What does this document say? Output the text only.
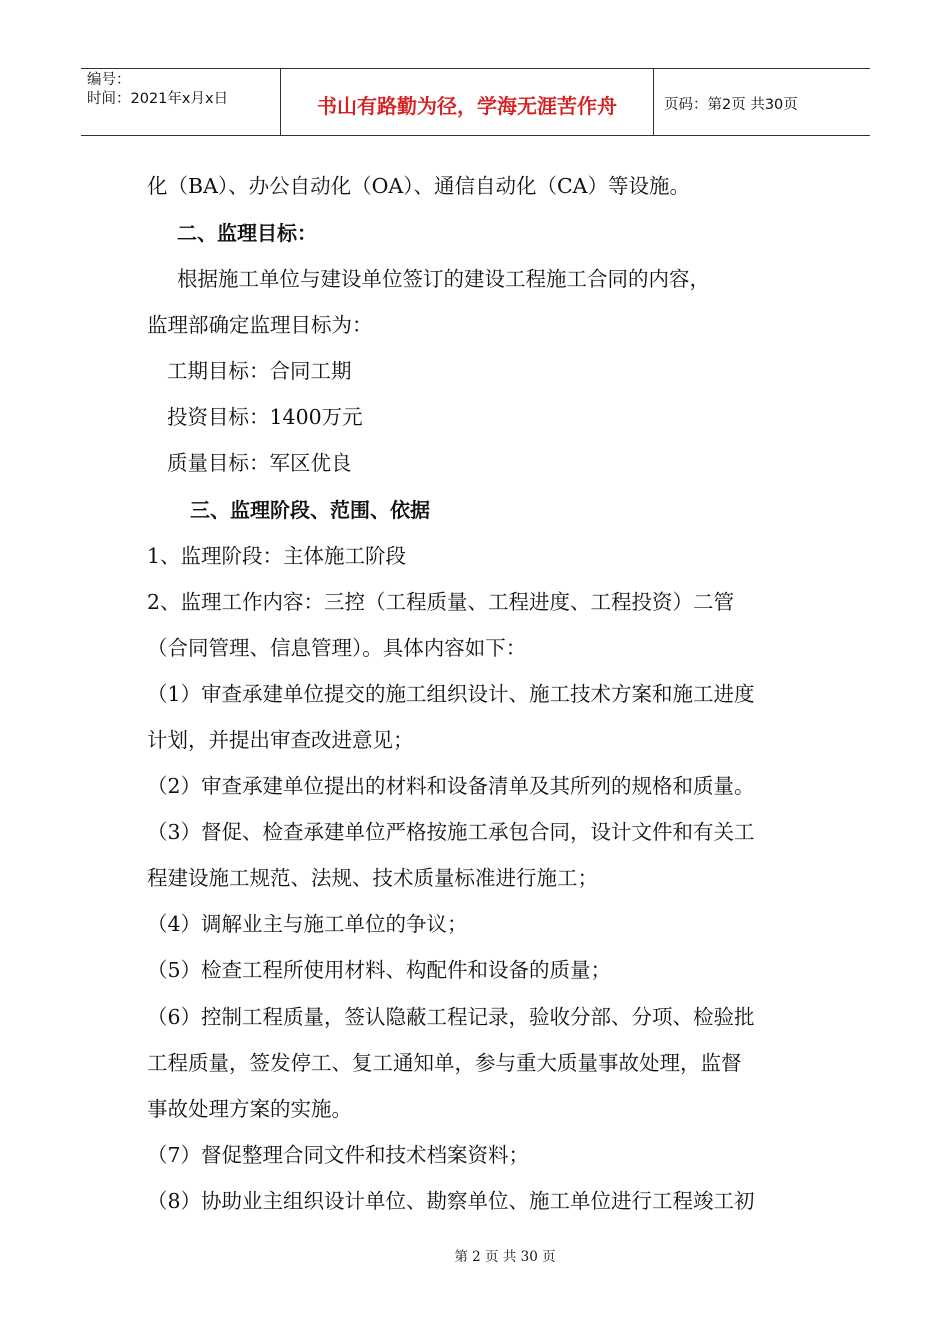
编号：
时间：2021年x月x日	书山有路勤为径，学海无涯苦作舟	页码：第2页 共30页
化（BA）、办公自动化（OA）、通信自动化（CA）等设施。
二、监理目标：
根据施工单位与建设单位签订的建设工程施工合同的内容，
监理部确定监理目标为：
工期目标：合同工期
投资目标：1400万元
质量目标：军区优良
三、监理阶段、范围、依据
1、监理阶段：主体施工阶段
2、监理工作内容：三控（工程质量、工程进度、工程投资）二管
（合同管理、信息管理）。具体内容如下：
（1）审查承建单位提交的施工组织设计、施工技术方案和施工进度
计划，并提出审查改进意见；
（2）审查承建单位提出的材料和设备清单及其所列的规格和质量。
（3）督促、检查承建单位严格按施工承包合同，设计文件和有关工
程建设施工规范、法规、技术质量标准进行施工；
（4）调解业主与施工单位的争议；
（5）检查工程所使用材料、构配件和设备的质量；
（6）控制工程质量，签认隐蔽工程记录，验收分部、分项、检验批
工程质量，签发停工、复工通知单，参与重大质量事故处理，监督
事故处理方案的实施。
（7）督促整理合同文件和技术档案资料；
（8）协助业主组织设计单位、勘察单位、施工单位进行工程竣工初
第 2 页 共 30 页
